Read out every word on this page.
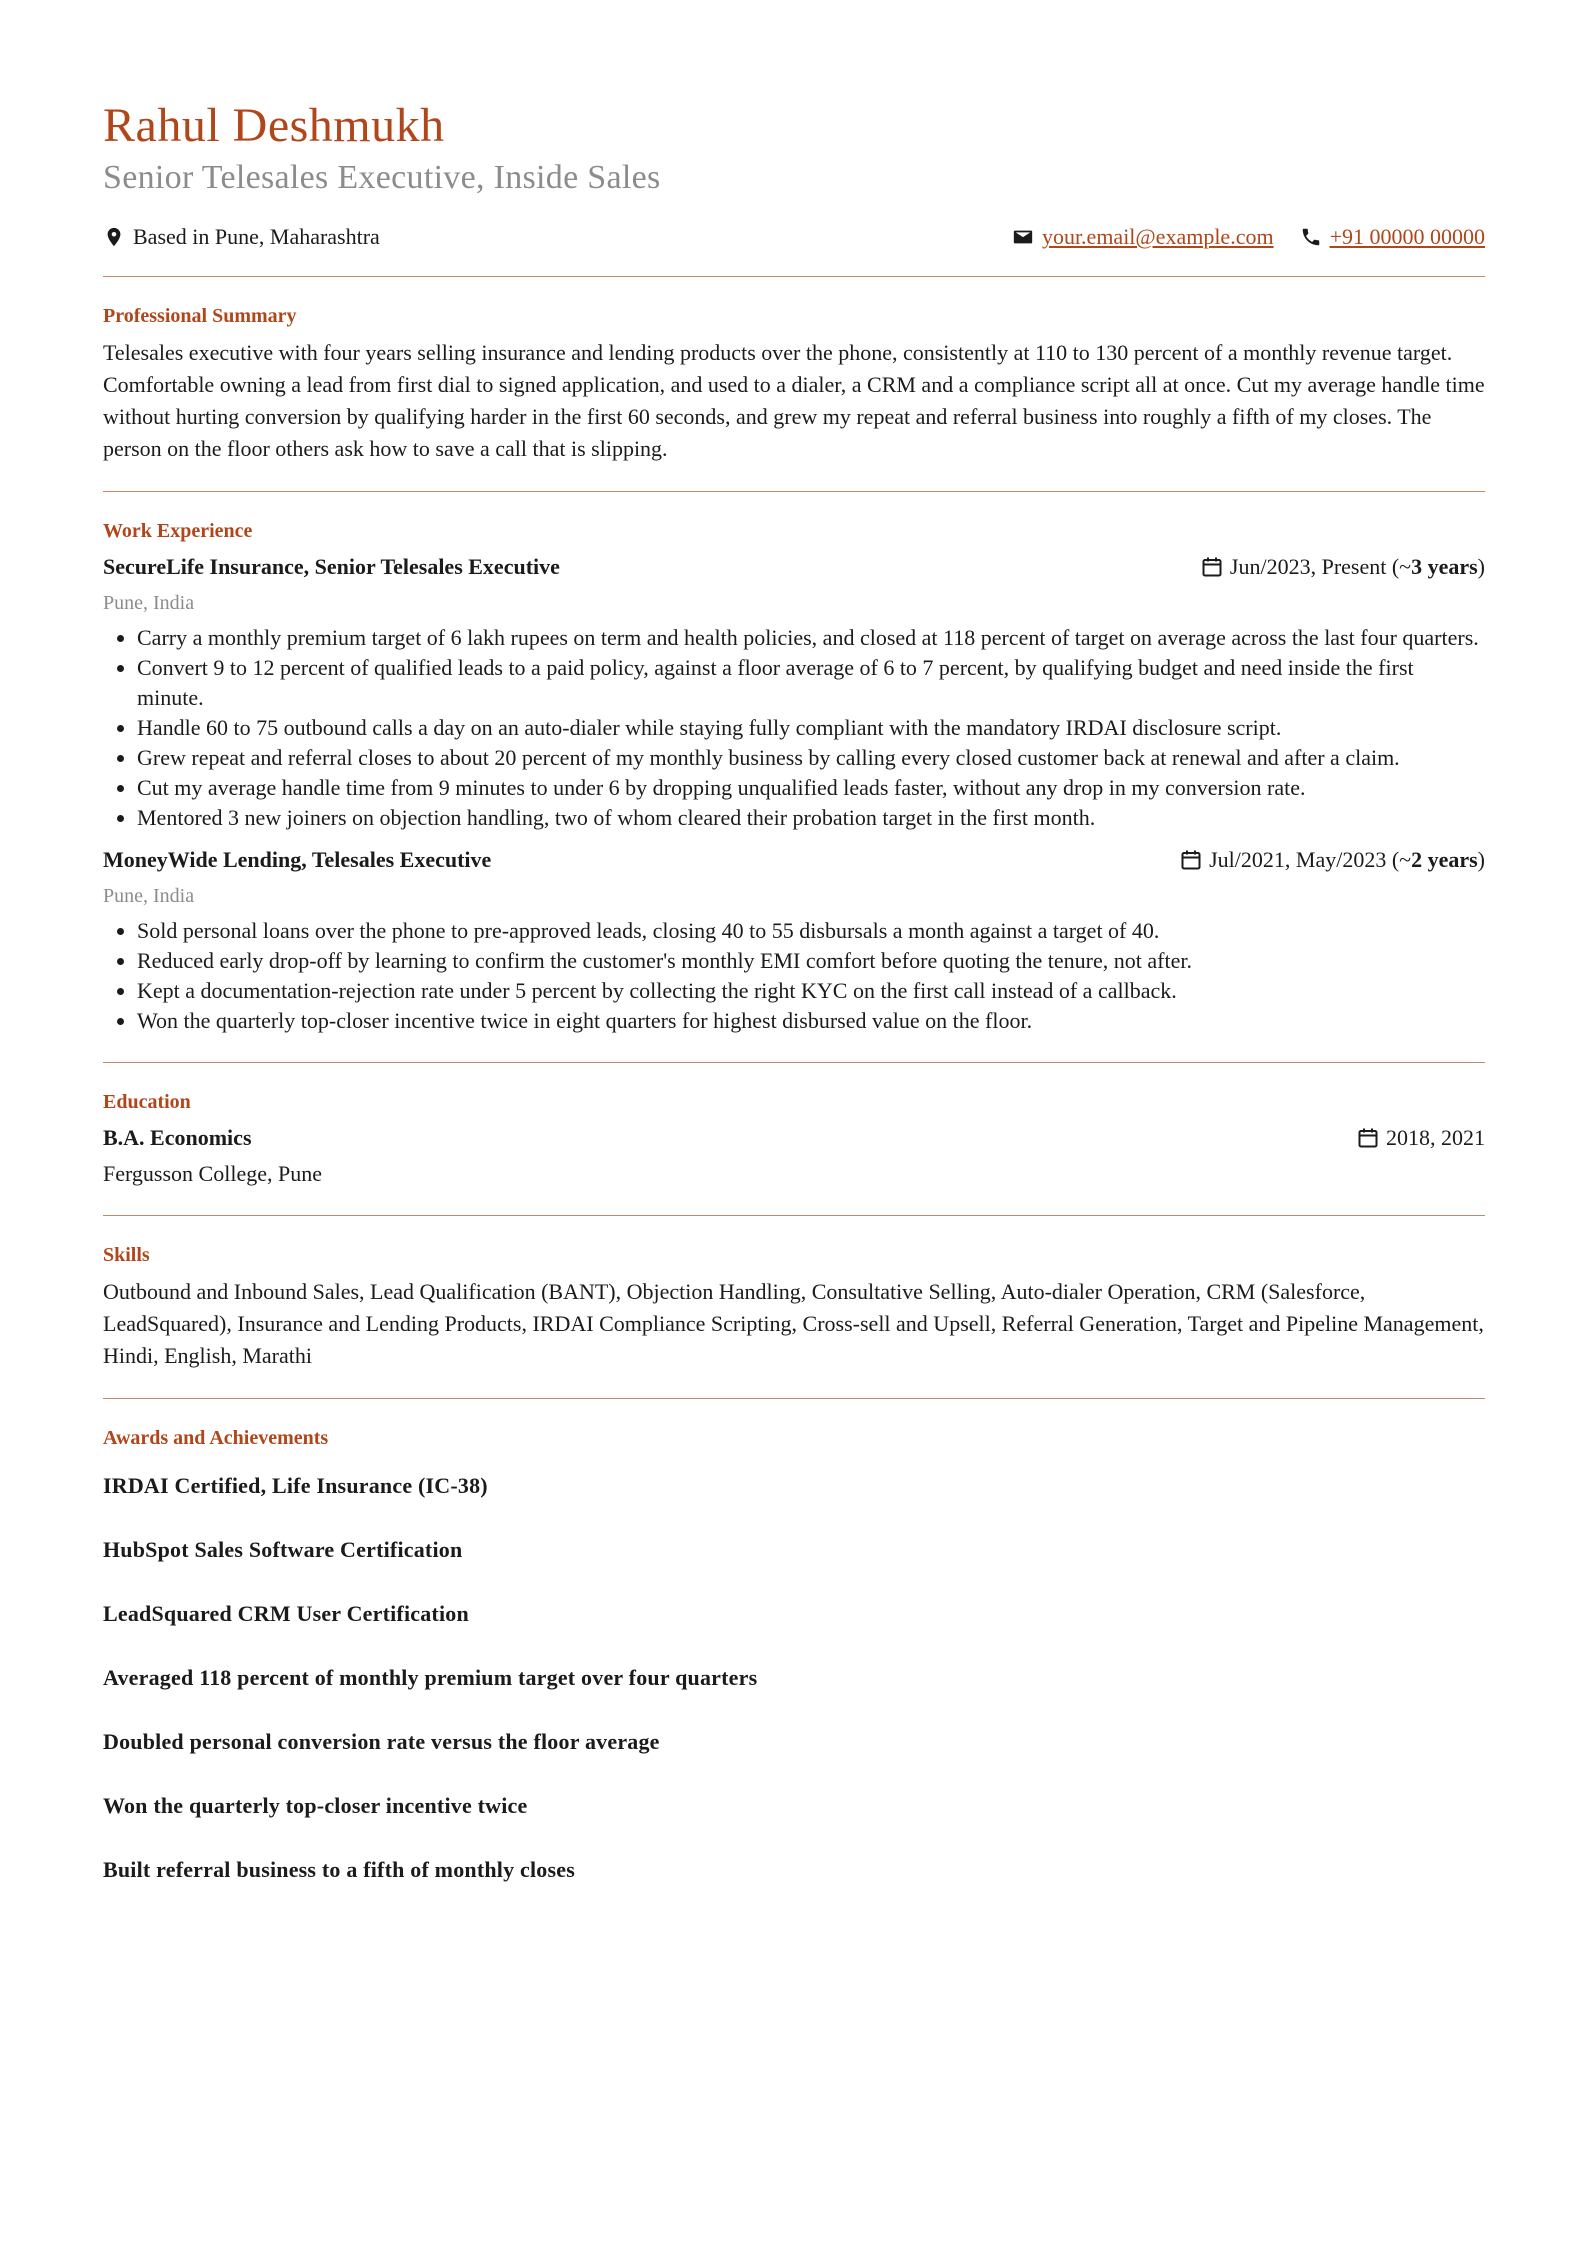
Rahul Deshmukh
Senior Telesales Executive, Inside Sales
Based in Pune, Maharashtra	your.email@example.com	+91 00000 00000
Professional Summary

Telesales executive with four years selling insurance and lending products over the phone, consistently at 110 to 130 percent of a monthly revenue target. Comfortable owning a lead from first dial to signed application, and used to a dialer, a CRM and a compliance script all at once. Cut my average handle time without hurting conversion by qualifying harder in the first 60 seconds, and grew my repeat and referral business into roughly a fifth of my closes. The person on the floor others ask how to save a call that is slipping.

Work Experience
SecureLife Insurance, Senior Telesales Executive	Jun/2023, Present (~ 3 years )
Pune, India
• Carry a monthly premium target of 6 lakh rupees on term and health policies, and closed at 118 percent of target on average across the last four quarters.
• Convert 9 to 12 percent of qualified leads to a paid policy, against a floor average of 6 to 7 percent, by qualifying budget and need inside the first minute.
• Handle 60 to 75 outbound calls a day on an auto-dialer while staying fully compliant with the mandatory IRDAI disclosure script.
• Grew repeat and referral closes to about 20 percent of my monthly business by calling every closed customer back at renewal and after a claim.
• Cut my average handle time from 9 minutes to under 6 by dropping unqualified leads faster, without any drop in my conversion rate.
• Mentored 3 new joiners on objection handling, two of whom cleared their probation target in the first month.
MoneyWide Lending, Telesales Executive	Jul/2021, May/2023 (~ 2 years )
Pune, India
• Sold personal loans over the phone to pre-approved leads, closing 40 to 55 disbursals a month against a target of 40.
• Reduced early drop-off by learning to confirm the customer's monthly EMI comfort before quoting the tenure, not after.
• Kept a documentation-rejection rate under 5 percent by collecting the right KYC on the first call instead of a callback.
• Won the quarterly top-closer incentive twice in eight quarters for highest disbursed value on the floor.
Education
B.A. Economics	2018, 2021
Fergusson College, Pune
Skills

Outbound and Inbound Sales, Lead Qualification (BANT), Objection Handling, Consultative Selling, Auto-dialer Operation, CRM (Salesforce, LeadSquared), Insurance and Lending Products, IRDAI Compliance Scripting, Cross-sell and Upsell, Referral Generation, Target and Pipeline Management, Hindi, English, Marathi

Awards and Achievements
IRDAI Certified, Life Insurance (IC-38)
HubSpot Sales Software Certification
LeadSquared CRM User Certification
Averaged 118 percent of monthly premium target over four quarters
Doubled personal conversion rate versus the floor average
Won the quarterly top-closer incentive twice
Built referral business to a fifth of monthly closes
